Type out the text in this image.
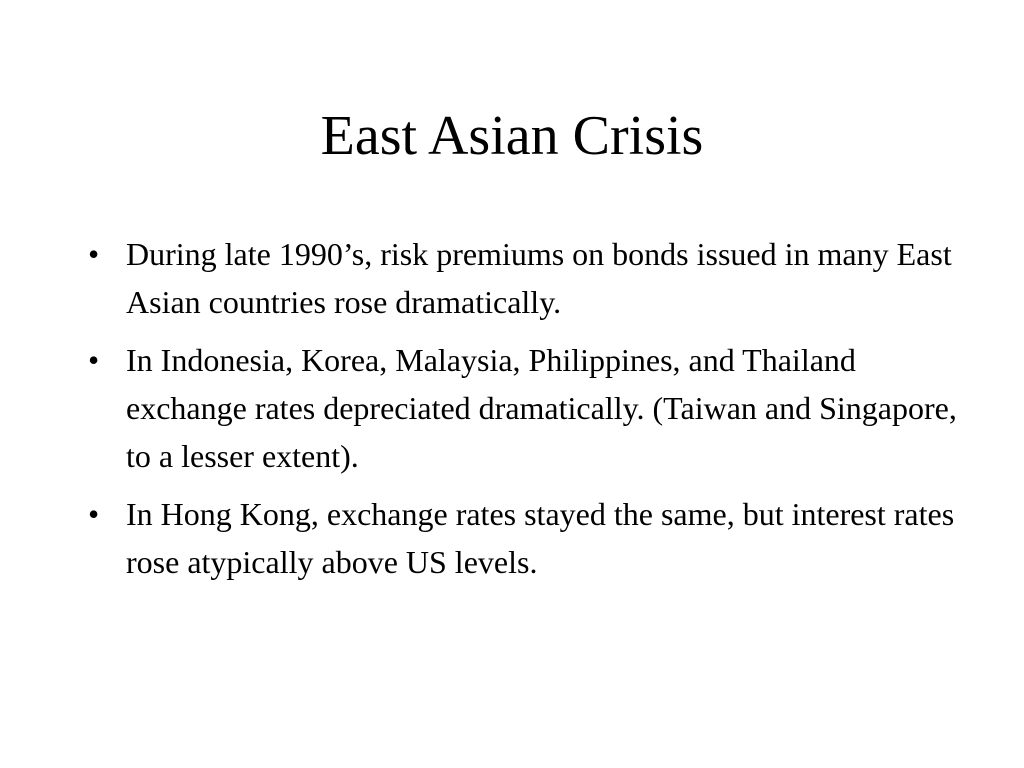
East Asian Crisis
• During late 1990’s, risk premiums on bonds issued in many East Asian countries rose dramatically.
• In Indonesia, Korea, Malaysia, Philippines, and Thailand exchange rates depreciated dramatically. (Taiwan and Singapore, to a lesser extent).
• In Hong Kong, exchange rates stayed the same, but interest rates rose atypically above US levels.
